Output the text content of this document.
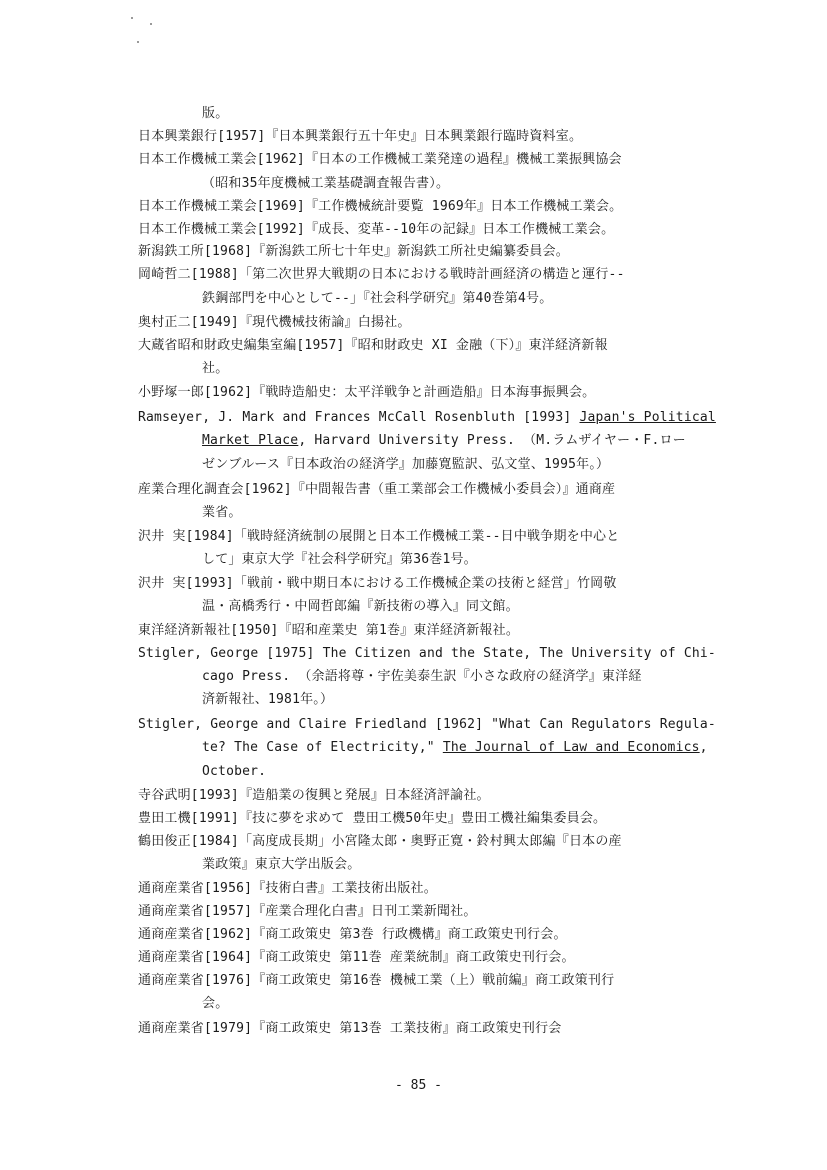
版。
日本興業銀行[1957]『日本興業銀行五十年史』日本興業銀行臨時資料室。
日本工作機械工業会[1962]『日本の工作機械工業発達の過程』機械工業振興協会
（昭和35年度機械工業基礎調査報告書）。
日本工作機械工業会[1969]『工作機械統計要覧 1969年』日本工作機械工業会。
日本工作機械工業会[1992]『成長、変革--10年の記録』日本工作機械工業会。
新潟鉄工所[1968]『新潟鉄工所七十年史』新潟鉄工所社史編纂委員会。
岡崎哲二[1988]「第二次世界大戦期の日本における戦時計画経済の構造と運行--
鉄鋼部門を中心として--」『社会科学研究』第40巻第4号。
奥村正二[1949]『現代機械技術論』白揚社。
大蔵省昭和財政史編集室編[1957]『昭和財政史 XI 金融（下）』東洋経済新報
社。
小野塚一郎[1962]『戦時造船史：太平洋戦争と計画造船』日本海事振興会。
Ramseyer, J. Mark and Frances McCall Rosenbluth [1993] Japan's Political
Market Place, Harvard University Press. （M.ラムザイヤー・F.ロー
ゼンブルース『日本政治の経済学』加藤寛監訳、弘文堂、1995年。）
産業合理化調査会[1962]『中間報告書（重工業部会工作機械小委員会）』通商産
業省。
沢井 実[1984]「戦時経済統制の展開と日本工作機械工業--日中戦争期を中心と
して」東京大学『社会科学研究』第36巻1号。
沢井 実[1993]「戦前・戦中期日本における工作機械企業の技術と経営」竹岡敬
温・高橋秀行・中岡哲郎編『新技術の導入』同文館。
東洋経済新報社[1950]『昭和産業史 第1巻』東洋経済新報社。
Stigler, George [1975] The Citizen and the State, The University of Chi-
cago Press. （余語将尊・宇佐美泰生訳『小さな政府の経済学』東洋経
済新報社、1981年。）
Stigler, George and Claire Friedland [1962] "What Can Regulators Regula-
te? The Case of Electricity," The Journal of Law and Economics,
October.
寺谷武明[1993]『造船業の復興と発展』日本経済評論社。
豊田工機[1991]『技に夢を求めて 豊田工機50年史』豊田工機社編集委員会。
鶴田俊正[1984]「高度成長期」小宮隆太郎・奥野正寛・鈴村興太郎編『日本の産
業政策』東京大学出版会。
通商産業省[1956]『技術白書』工業技術出版社。
通商産業省[1957]『産業合理化白書』日刊工業新聞社。
通商産業省[1962]『商工政策史 第3巻 行政機構』商工政策史刊行会。
通商産業省[1964]『商工政策史 第11巻 産業統制』商工政策史刊行会。
通商産業省[1976]『商工政策史 第16巻 機械工業（上）戦前編』商工政策刊行
会。
通商産業省[1979]『商工政策史 第13巻 工業技術』商工政策史刊行会
- 85 -
